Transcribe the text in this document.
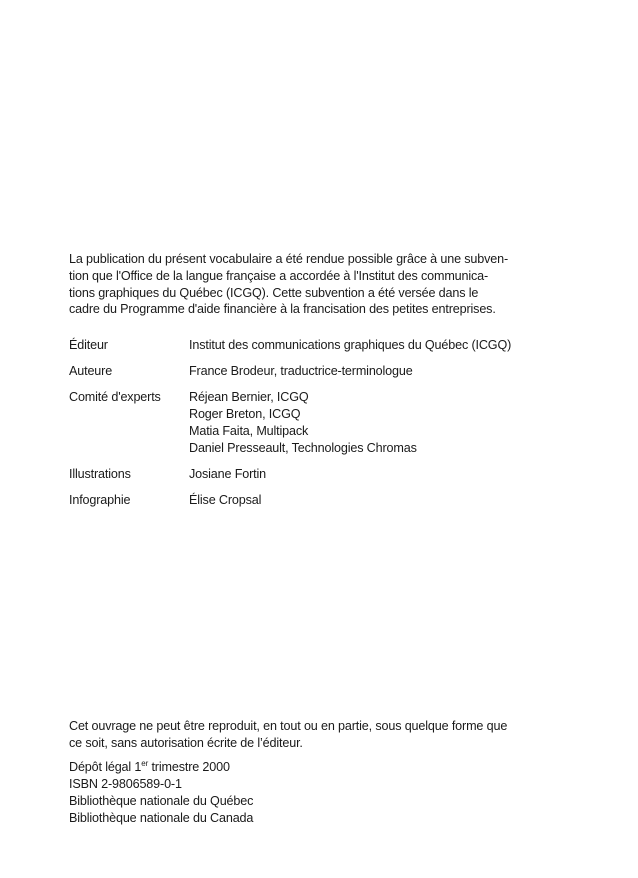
La publication du présent vocabulaire a été rendue possible grâce à une subven-
tion que l'Office de la langue française a accordée à l'Institut des communica-
tions graphiques du Québec (ICGQ). Cette subvention a été versée dans le
cadre du Programme d'aide financière à la francisation des petites entreprises.

Éditeur	Institut des communications graphiques du Québec (ICGQ)
Auteure	France Brodeur, traductrice-terminologue
Comité d'experts	Réjean Bernier, ICGQ
Roger Breton, ICGQ
Matia Faita, Multipack
Daniel Presseault, Technologies Chromas
Illustrations	Josiane Fortin
Infographie	Élise Cropsal

Cet ouvrage ne peut être reproduit, en tout ou en partie, sous quelque forme que
ce soit, sans autorisation écrite de l’éditeur.

Dépôt légal 1er trimestre 2000
ISBN 2-9806589-0-1
Bibliothèque nationale du Québec
Bibliothèque nationale du Canada
